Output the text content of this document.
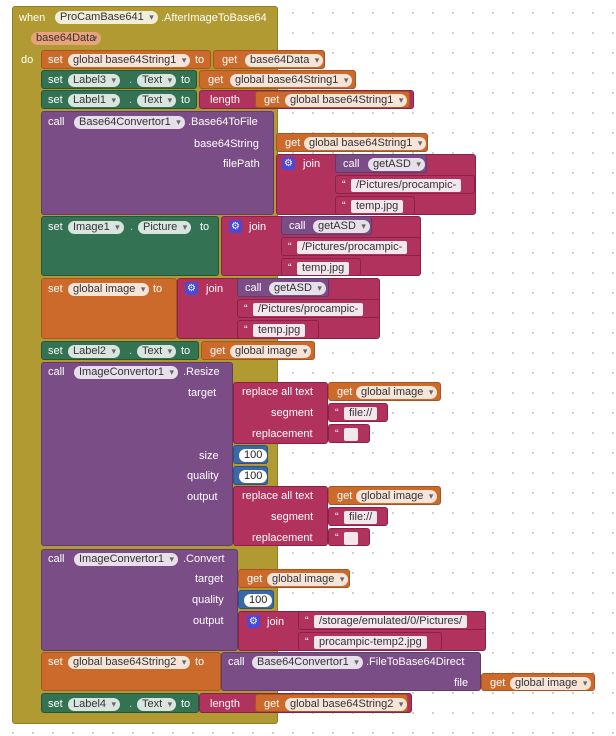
when	ProCamBase641 ▾	.AfterImageToBase64
base64Data ▾
do set global base64String1 ▾	to get	base64Data ▾
set Label3 ▾	. Text ▾	to get	global base64String1 ▾
set Label1 ▾	. Text ▾	to length get global base64String1 ▾
call	Base64Convertor1 ▾	.Base64ToFile
base64String
filePath
get global base64String1 ▾
⚙ join call	getASD ▾
“ /Pictures/procampic-
“ temp.jpg
set Image1 ▾	. Picture ▾	to ⚙ join call	getASD ▾
“ /Pictures/procampic-
“ temp.jpg
set global image ▾	to ⚙ join call	getASD ▾
“ /Pictures/procampic-
“ temp.jpg
set Label2 ▾	. Text ▾	to get global image ▾
call	ImageConvertor1 ▾	.Resize
target
size
quality
output
replace all text
segment
replacement
get global image ▾
“ file://
“
100
100
replace all text
segment
replacement
get global image ▾
“ file://
“
call	ImageConvertor1 ▾	.Convert
target
quality
output
get global image ▾
100
⚙ join “ /storage/emulated/0/Pictures/
“ procampic-temp2.jpg
set global base64String2 ▾	to call	Base64Convertor1 ▾	.FileToBase64Direct
file get global image ▾
set Label4 ▾	. Text ▾	to length get global base64String2 ▾
